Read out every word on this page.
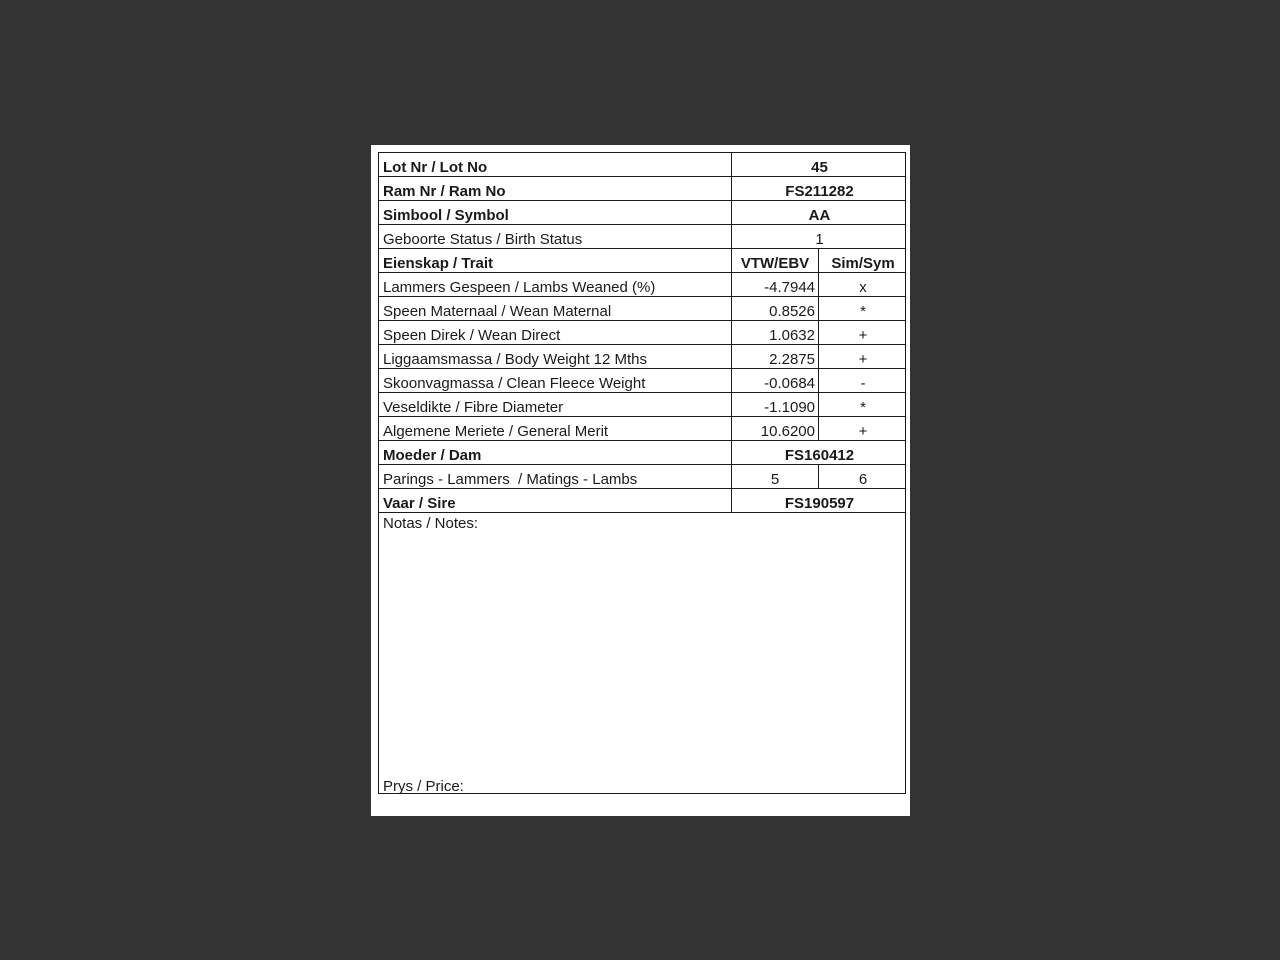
Lot Nr / Lot No	45
Ram Nr / Ram No	FS211282
Simbool / Symbol	AA
Geboorte Status / Birth Status	1
Eienskap / Trait	VTW/EBV	Sim/Sym
Lammers Gespeen / Lambs Weaned (%)	-4.7944	x
Speen Maternaal / Wean Maternal	0.8526	*
Speen Direk / Wean Direct	1.0632	+
Liggaamsmassa / Body Weight 12 Mths	2.2875	+
Skoonvagmassa / Clean Fleece Weight	-0.0684	-
Veseldikte / Fibre Diameter	-1.1090	*
Algemene Meriete / General Merit	10.6200	+
Moeder / Dam	FS160412
Parings - Lammers  / Matings - Lambs	5	6
Vaar / Sire	FS190597
Notas / Notes:
Prys / Price:
